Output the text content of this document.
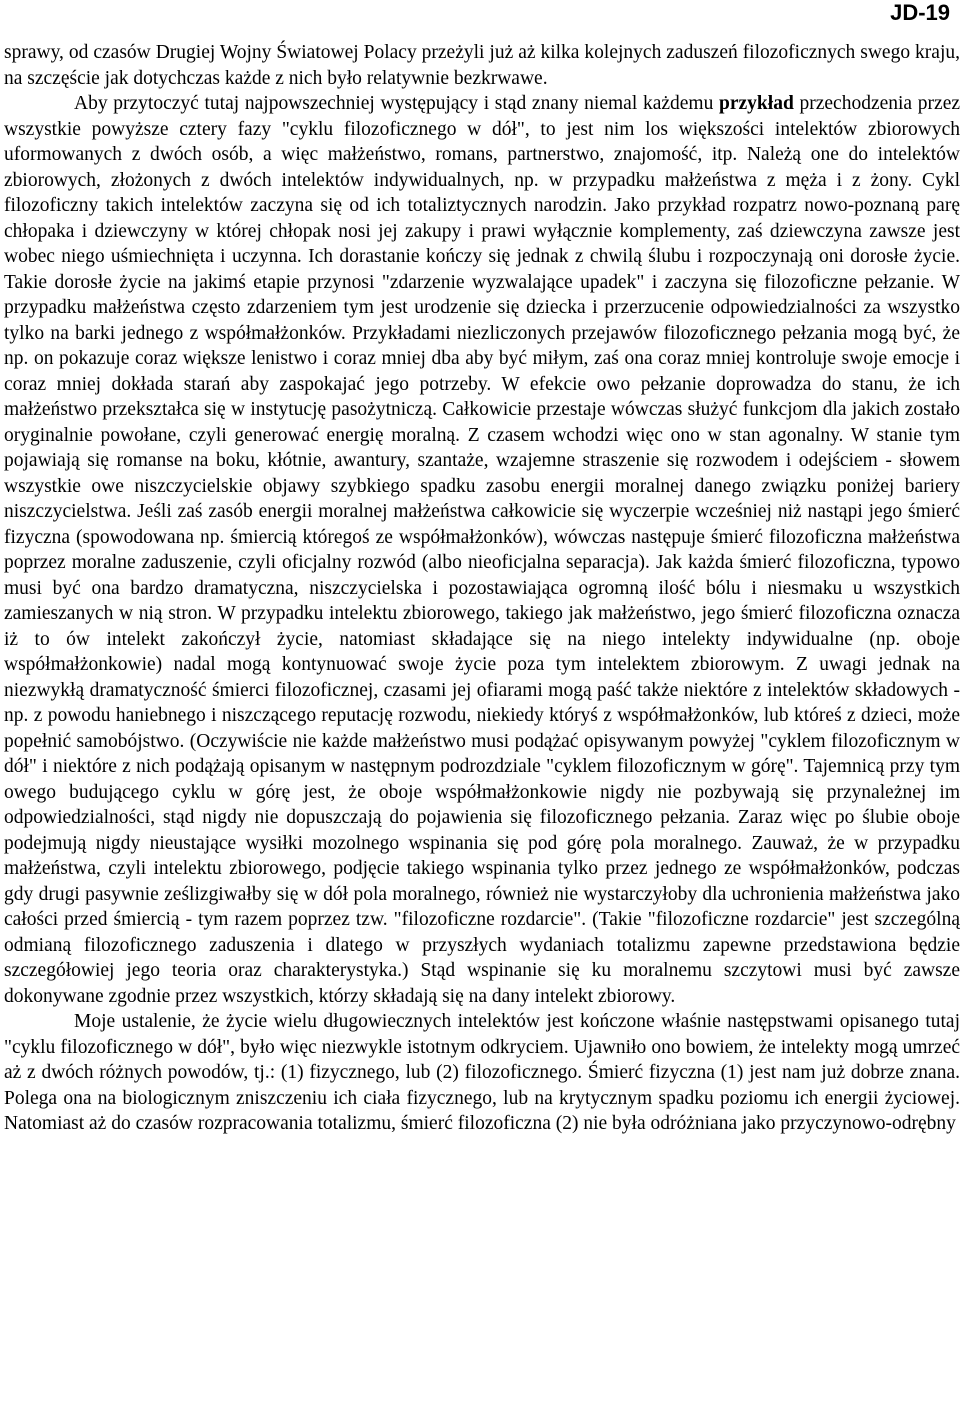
JD-19

sprawy, od czasów Drugiej Wojny Światowej Polacy przeżyli już aż kilka kolejnych zaduszeń filozoficznych swego kraju, na szczęście jak dotychczas każde z nich było relatywnie bezkrwawe.

Aby przytoczyć tutaj najpowszechniej występujący i stąd znany niemal każdemu przykład przechodzenia przez wszystkie powyższe cztery fazy "cyklu filozoficznego w dół", to jest nim los większości intelektów zbiorowych uformowanych z dwóch osób, a więc małżeństwo, romans, partnerstwo, znajomość, itp. Należą one do intelektów zbiorowych, złożonych z dwóch intelektów indywidualnych, np. w przypadku małżeństwa z męża i z żony. Cykl filozoficzny takich intelektów zaczyna się od ich totaliztycznych narodzin. Jako przykład rozpatrz nowo-poznaną parę chłopaka i dziewczyny w której chłopak nosi jej zakupy i prawi wyłącznie komplementy, zaś dziewczyna zawsze jest wobec niego uśmiechnięta i uczynna. Ich dorastanie kończy się jednak z chwilą ślubu i rozpoczynają oni dorosłe życie. Takie dorosłe życie na jakimś etapie przynosi "zdarzenie wyzwalające upadek" i zaczyna się filozoficzne pełzanie. W przypadku małżeństwa często zdarzeniem tym jest urodzenie się dziecka i przerzucenie odpowiedzialności za wszystko tylko na barki jednego z współmałżonków. Przykładami niezliczonych przejawów filozoficznego pełzania mogą być, że np. on pokazuje coraz większe lenistwo i coraz mniej dba aby być miłym, zaś ona coraz mniej kontroluje swoje emocje i coraz mniej dokłada starań aby zaspokajać jego potrzeby. W efekcie owo pełzanie doprowadza do stanu, że ich małżeństwo przekształca się w instytucję pasożytniczą. Całkowicie przestaje wówczas służyć funkcjom dla jakich zostało oryginalnie powołane, czyli generować energię moralną. Z czasem wchodzi więc ono w stan agonalny. W stanie tym pojawiają się romanse na boku, kłótnie, awantury, szantaże, wzajemne straszenie się rozwodem i odejściem - słowem wszystkie owe niszczycielskie objawy szybkiego spadku zasobu energii moralnej danego związku poniżej bariery niszczycielstwa. Jeśli zaś zasób energii moralnej małżeństwa całkowicie się wyczerpie wcześniej niż nastąpi jego śmierć fizyczna (spowodowana np. śmiercią któregoś ze współmałżonków), wówczas następuje śmierć filozoficzna małżeństwa poprzez moralne zaduszenie, czyli oficjalny rozwód (albo nieoficjalna separacja). Jak każda śmierć filozoficzna, typowo musi być ona bardzo dramatyczna, niszczycielska i pozostawiająca ogromną ilość bólu i niesmaku u wszystkich zamieszanych w nią stron. W przypadku intelektu zbiorowego, takiego jak małżeństwo, jego śmierć filozoficzna oznacza iż to ów intelekt zakończył życie, natomiast składające się na niego intelekty indywidualne (np. oboje współmałżonkowie) nadal mogą kontynuować swoje życie poza tym intelektem zbiorowym. Z uwagi jednak na niezwykłą dramatyczność śmierci filozoficznej, czasami jej ofiarami mogą paść także niektóre z intelektów składowych - np. z powodu haniebnego i niszczącego reputację rozwodu, niekiedy któryś z współmałżonków, lub któreś z dzieci, może popełnić samobójstwo. (Oczywiście nie każde małżeństwo musi podążać opisywanym powyżej "cyklem filozoficznym w dół" i niektóre z nich podążają opisanym w następnym podrozdziale "cyklem filozoficznym w górę". Tajemnicą przy tym owego budującego cyklu w górę jest, że oboje współmałżonkowie nigdy nie pozbywają się przynależnej im odpowiedzialności, stąd nigdy nie dopuszczają do pojawienia się filozoficznego pełzania. Zaraz więc po ślubie oboje podejmują nigdy nieustające wysiłki mozolnego wspinania się pod górę pola moralnego. Zauważ, że w przypadku małżeństwa, czyli intelektu zbiorowego, podjęcie takiego wspinania tylko przez jednego ze współmałżonków, podczas gdy drugi pasywnie ześlizgiwałby się w dół pola moralnego, również nie wystarczyłoby dla uchronienia małżeństwa jako całości przed śmiercią - tym razem poprzez tzw. "filozoficzne rozdarcie". (Takie "filozoficzne rozdarcie" jest szczególną odmianą filozoficznego zaduszenia i dlatego w przyszłych wydaniach totalizmu zapewne przedstawiona będzie szczegółowiej jego teoria oraz charakterystyka.) Stąd wspinanie się ku moralnemu szczytowi musi być zawsze dokonywane zgodnie przez wszystkich, którzy składają się na dany intelekt zbiorowy.

Moje ustalenie, że życie wielu długowiecznych intelektów jest kończone właśnie następstwami opisanego tutaj "cyklu filozoficznego w dół", było więc niezwykle istotnym odkryciem. Ujawniło ono bowiem, że intelekty mogą umrzeć aż z dwóch różnych powodów, tj.: (1) fizycznego, lub (2) filozoficznego. Śmierć fizyczna (1) jest nam już dobrze znana. Polega ona na biologicznym zniszczeniu ich ciała fizycznego, lub na krytycznym spadku poziomu ich energii życiowej. Natomiast aż do czasów rozpracowania totalizmu, śmierć filozoficzna (2) nie była odróżniana jako przyczynowo-odrębny
